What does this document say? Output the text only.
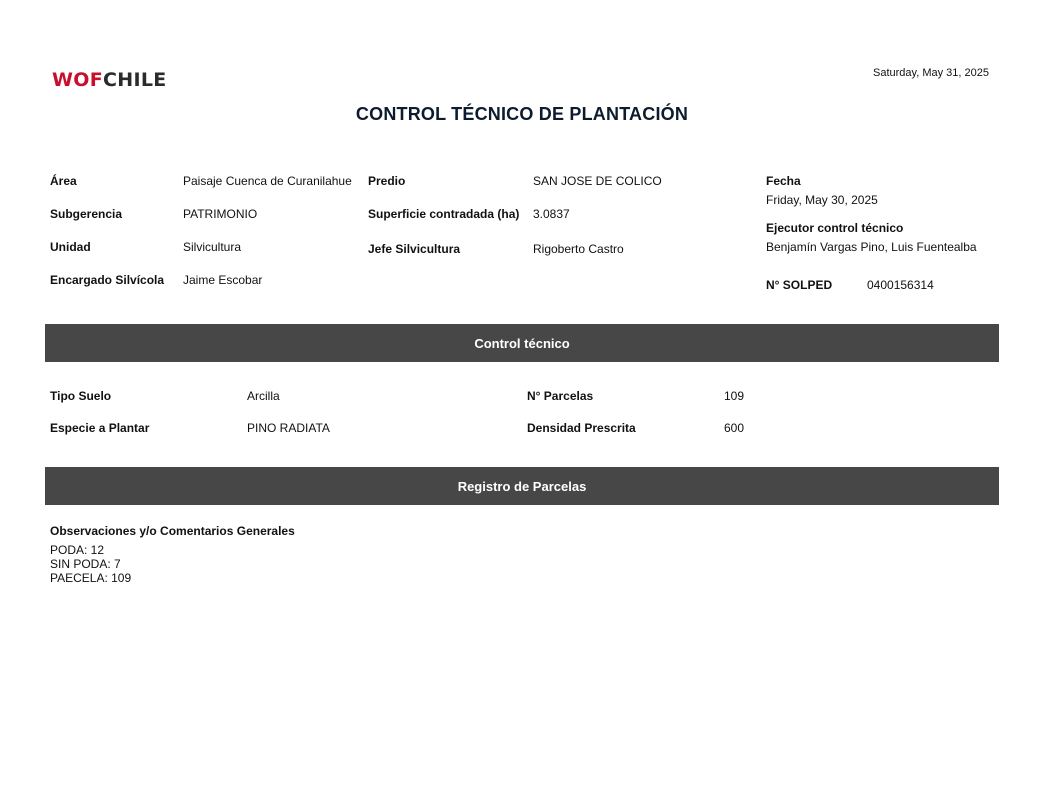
WOFCHILE	Saturday, May 31, 2025
CONTROL TÉCNICO DE PLANTACIÓN
Área	Paisaje Cuenca de Curanilahue
Subgerencia	PATRIMONIO
Unidad	Silvicultura
Encargado Silvícola Jaime Escobar
Predio	SAN JOSE DE COLICO
Superficie contradada (ha) 3.0837
Jefe Silvicultura	Rigoberto Castro
Fecha
Friday, May 30, 2025
Ejecutor control técnico
Benjamín Vargas Pino, Luis Fuentealba
N° SOLPED	0400156314
Control técnico
Tipo Suelo	Arcilla
Especie a Plantar	PINO RADIATA
N° Parcelas	109
Densidad Prescrita	600
Registro de Parcelas
Observaciones y/o Comentarios Generales
PODA: 12
SIN PODA: 7
PAECELA: 109
